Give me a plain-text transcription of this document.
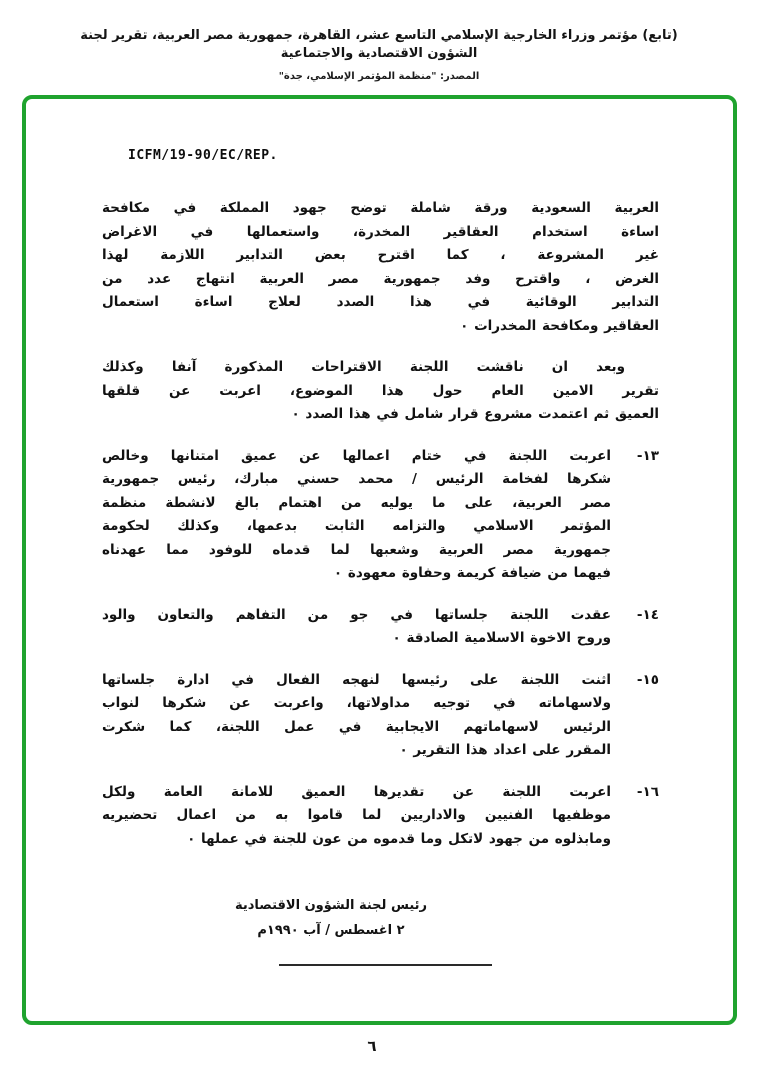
(تابع) مؤتمر وزراء الخارجية الإسلامي التاسع عشر، القاهرة، جمهورية مصر العربية، تقرير لجنة الشؤون الاقتصادية والاجتماعية
المصدر: "منظمة المؤتمر الإسلامي، جدة"
ICFM/19-90/EC/REP.
العربية السعودية ورقة شاملة توضح جهود المملكة في مكافحة
اساءة استخدام العقاقير المخدرة، واستعمالها في الاغراض
غير المشروعة ، كما اقترح بعض التدابير اللازمة لهذا
الغرض ، واقترح وفد جمهورية مصر العربية انتهاج عدد من
التدابير الوقائية في هذا الصدد لعلاج اساءة استعمال
العقاقير ومكافحة المخدرات ٠
وبعد ان ناقشت اللجنة الاقتراحات المذكورة آنفا وكذلك
تقرير الامين العام حول هذا الموضوع، اعربت عن قلقها
العميق ثم اعتمدت مشروع قرار شامل في هذا الصدد ٠
١٣-
اعربت اللجنة في ختام اعمالها عن عميق امتنانها وخالص
شكرها لفخامة الرئيس / محمد حسني مبارك، رئيس جمهورية
مصر العربية، على ما يوليه من اهتمام بالغ لانشطة منظمة
المؤتمر الاسلامي والتزامه الثابت بدعمها، وكذلك لحكومة
جمهورية مصر العربية وشعبها لما قدماه للوفود مما عهدناه
فيهما من ضيافة كريمة وحفاوة معهودة ٠
١٤-
عقدت اللجنة جلساتها في جو من التفاهم والتعاون والود
وروح الاخوة الاسلامية الصادقة ٠
١٥-
اثنت اللجنة على رئيسها لنهجه الفعال في ادارة جلساتها
ولاسهاماته في توجيه مداولاتها، واعربت عن شكرها لنواب
الرئيس لاسهاماتهم الايجابية في عمل اللجنة، كما شكرت
المقرر على اعداد هذا التقرير ٠
١٦-
اعربت اللجنة عن تقديرها العميق للامانة العامة ولكل
موظفيها الفنيين والاداريين لما قاموا به من اعمال تحضيريه
ومابذلوه من جهود لاتكل وما قدموه من عون للجنة في عملها ٠
رئيس لجنة الشؤون الاقتصادية
٢ اغسطس / آب ١٩٩٠م
٦
